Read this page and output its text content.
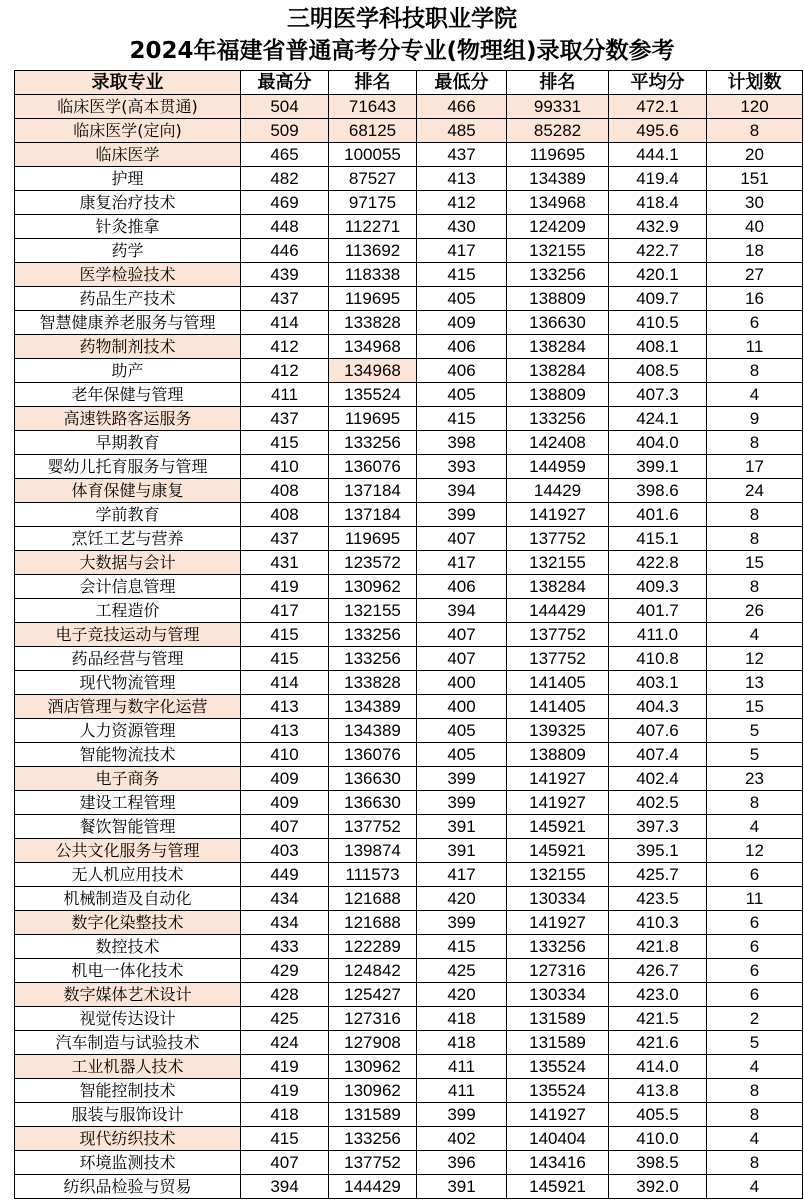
三明医学科技职业学院
2024年福建省普通高考分专业(物理组)录取分数参考
录取专业	最高分	排名	最低分	排名	平均分	计划数
临床医学(高本贯通)	504	71643	466	99331	472.1	120
临床医学(定向)	509	68125	485	85282	495.6	8
临床医学	465	100055	437	119695	444.1	20
护理	482	87527	413	134389	419.4	151
康复治疗技术	469	97175	412	134968	418.4	30
针灸推拿	448	112271	430	124209	432.9	40
药学	446	113692	417	132155	422.7	18
医学检验技术	439	118338	415	133256	420.1	27
药品生产技术	437	119695	405	138809	409.7	16
智慧健康养老服务与管理	414	133828	409	136630	410.5	6
药物制剂技术	412	134968	406	138284	408.1	11
助产	412	134968	406	138284	408.5	8
老年保健与管理	411	135524	405	138809	407.3	4
高速铁路客运服务	437	119695	415	133256	424.1	9
早期教育	415	133256	398	142408	404.0	8
婴幼儿托育服务与管理	410	136076	393	144959	399.1	17
体育保健与康复	408	137184	394	14429	398.6	24
学前教育	408	137184	399	141927	401.6	8
烹饪工艺与营养	437	119695	407	137752	415.1	8
大数据与会计	431	123572	417	132155	422.8	15
会计信息管理	419	130962	406	138284	409.3	8
工程造价	417	132155	394	144429	401.7	26
电子竞技运动与管理	415	133256	407	137752	411.0	4
药品经营与管理	415	133256	407	137752	410.8	12
现代物流管理	414	133828	400	141405	403.1	13
酒店管理与数字化运营	413	134389	400	141405	404.3	15
人力资源管理	413	134389	405	139325	407.6	5
智能物流技术	410	136076	405	138809	407.4	5
电子商务	409	136630	399	141927	402.4	23
建设工程管理	409	136630	399	141927	402.5	8
餐饮智能管理	407	137752	391	145921	397.3	4
公共文化服务与管理	403	139874	391	145921	395.1	12
无人机应用技术	449	111573	417	132155	425.7	6
机械制造及自动化	434	121688	420	130334	423.5	11
数字化染整技术	434	121688	399	141927	410.3	6
数控技术	433	122289	415	133256	421.8	6
机电一体化技术	429	124842	425	127316	426.7	6
数字媒体艺术设计	428	125427	420	130334	423.0	6
视觉传达设计	425	127316	418	131589	421.5	2
汽车制造与试验技术	424	127908	418	131589	421.6	5
工业机器人技术	419	130962	411	135524	414.0	4
智能控制技术	419	130962	411	135524	413.8	8
服装与服饰设计	418	131589	399	141927	405.5	8
现代纺织技术	415	133256	402	140404	410.0	4
环境监测技术	407	137752	396	143416	398.5	8
纺织品检验与贸易	394	144429	391	145921	392.0	4
